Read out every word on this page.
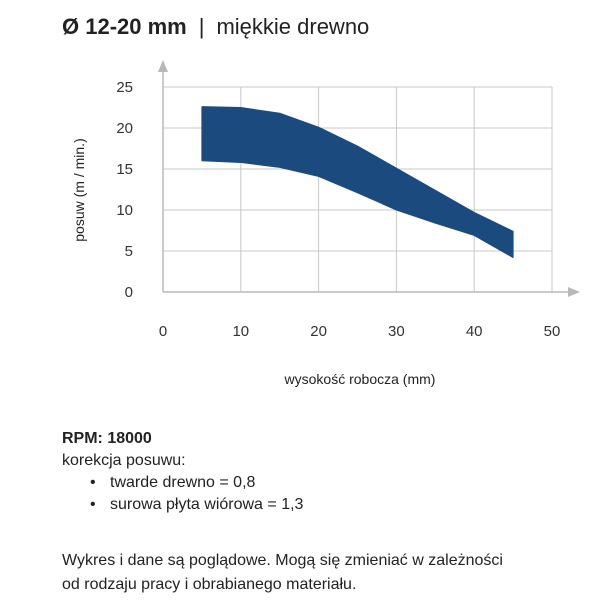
Ø 12-20 mm | miękkie drewno
0	10	20	30	40	50
0
5
10
15
20
25
wysokość robocza (mm)
posuw (m / min.)
RPM: 18000
korekcja posuwu:
• twarde drewno = 0,8
• surowa płyta wiórowa = 1,3
Wykres i dane są poglądowe. Mogą się zmieniać w zależności
od rodzaju pracy i obrabianego materiału.
